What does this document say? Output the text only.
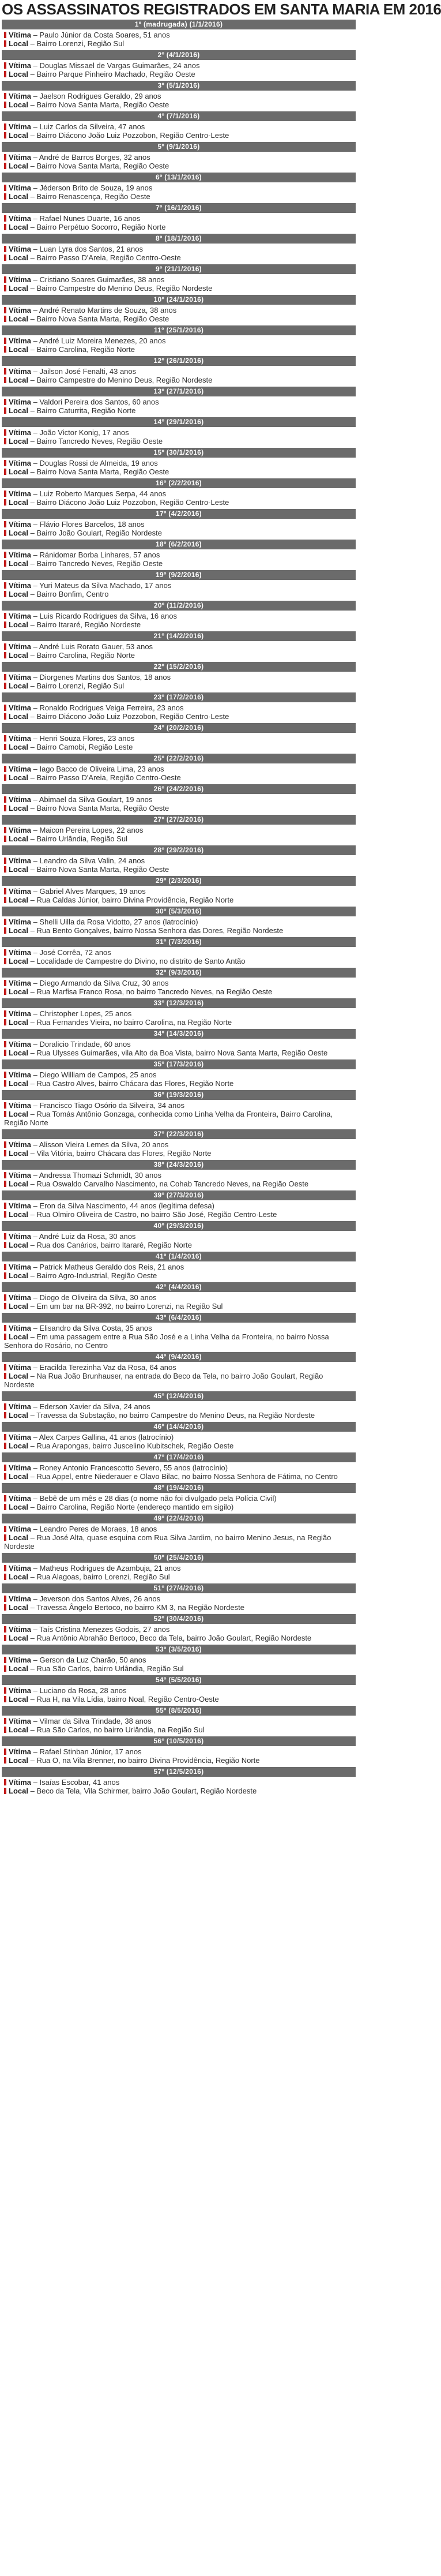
OS ASSASSINATOS REGISTRADOS EM SANTA MARIA EM 2016
1º (madrugada) (1/1/2016)
Vítima – Paulo Júnior da Costa Soares, 51 anos
Local – Bairro Lorenzi, Região Sul
2º (4/1/2016)
Vítima – Douglas Missael de Vargas Guimarães, 24 anos
Local – Bairro Parque Pinheiro Machado, Região Oeste
3º (5/1/2016)
Vítima – Jaelson Rodrigues Geraldo, 29 anos
Local – Bairro Nova Santa Marta, Região Oeste
4º (7/1/2016)
Vítima – Luiz Carlos da Silveira, 47 anos
Local – Bairro Diácono João Luiz Pozzobon, Região Centro-Leste
5º (9/1/2016)
Vítima – André de Barros Borges, 32 anos
Local – Bairro Nova Santa Marta, Região Oeste
6º (13/1/2016)
Vítima – Jéderson Brito de Souza, 19 anos
Local – Bairro Renascença, Região Oeste
7º (16/1/2016)
Vítima – Rafael Nunes Duarte, 16 anos
Local – Bairro Perpétuo Socorro, Região Norte
8º (18/1/2016)
Vítima – Luan Lyra dos Santos, 21 anos
Local – Bairro Passo D'Areia, Região Centro-Oeste
9º (21/1/2016)
Vítima – Cristiano Soares Guimarães, 38 anos
Local – Bairro Campestre do Menino Deus, Região Nordeste
10º (24/1/2016)
Vítima – André Renato Martins de Souza, 38 anos
Local – Bairro Nova Santa Marta, Região Oeste
11º (25/1/2016)
Vítima – André Luiz Moreira Menezes, 20 anos
Local – Bairro Carolina, Região Norte
12º (26/1/2016)
Vítima – Jailson José Fenalti, 43 anos
Local – Bairro Campestre do Menino Deus, Região Nordeste
13º (27/1/2016)
Vítima – Valdori Pereira dos Santos, 60 anos
Local – Bairro Caturrita, Região Norte
14º (29/1/2016)
Vítima – João Victor Konig, 17 anos
Local – Bairro Tancredo Neves, Região Oeste
15º (30/1/2016)
Vítima – Douglas Rossi de Almeida, 19 anos
Local – Bairro Nova Santa Marta, Região Oeste
16º (2/2/2016)
Vítima – Luiz Roberto Marques Serpa, 44 anos
Local – Bairro Diácono João Luiz Pozzobon, Região Centro-Leste
17º (4/2/2016)
Vítima – Flávio Flores Barcelos, 18 anos
Local – Bairro João Goulart, Região Nordeste
18º (6/2/2016)
Vítima – Ránidomar Borba Linhares, 57 anos
Local – Bairro Tancredo Neves, Região Oeste
19º (9/2/2016)
Vítima – Yuri Mateus da Silva Machado, 17 anos
Local – Bairro Bonfim, Centro
20º (11/2/2016)
Vítima – Luis Ricardo Rodrigues da Silva, 16 anos
Local – Bairro Itararé, Região Nordeste
21º (14/2/2016)
Vítima – André Luis Rorato Gauer, 53 anos
Local – Bairro Carolina, Região Norte
22º (15/2/2016)
Vítima – Diorgenes Martins dos Santos, 18 anos
Local – Bairro Lorenzi, Região Sul
23º (17/2/2016)
Vítima – Ronaldo Rodrigues Veiga Ferreira, 23 anos
Local – Bairro Diácono João Luiz Pozzobon, Região Centro-Leste
24º (20/2/2016)
Vítima – Henri Souza Flores, 23 anos
Local – Bairro Camobi, Região Leste
25º (22/2/2016)
Vítima – Iago Bacco de Oliveira Lima, 23 anos
Local – Bairro Passo D'Areia, Região Centro-Oeste
26º (24/2/2016)
Vítima – Abimael da Silva Goulart, 19 anos
Local – Bairro Nova Santa Marta, Região Oeste
27º (27/2/2016)
Vítima – Maicon Pereira Lopes, 22 anos
Local – Bairro Urlândia, Região Sul
28º (29/2/2016)
Vítima – Leandro da Silva Valin, 24 anos
Local – Bairro Nova Santa Marta, Região Oeste
29º (2/3/2016)
Vítima – Gabriel Alves Marques, 19 anos
Local – Rua Caldas Júnior, bairro Divina Providência, Região Norte
30º (5/3/2016)
Vítima – Shelli Uilla da Rosa Vidotto, 27 anos (latrocínio)
Local – Rua Bento Gonçalves, bairro Nossa Senhora das Dores, Região Nordeste
31º (7/3/2016)
Vítima – José Corrêa, 72 anos
Local – Localidade de Campestre do Divino, no distrito de Santo Antão
32º (9/3/2016)
Vítima – Diego Armando da Silva Cruz, 30 anos
Local – Rua Marfisa Franco Rosa, no bairro Tancredo Neves, na Região Oeste
33º (12/3/2016)
Vítima – Christopher Lopes, 25 anos
Local – Rua Fernandes Vieira, no bairro Carolina, na Região Norte
34º (14/3/2016)
Vítima – Doralicio Trindade, 60 anos
Local – Rua Ulysses Guimarães, vila Alto da Boa Vista, bairro Nova Santa Marta, Região Oeste
35º (17/3/2016)
Vítima – Diego William de Campos, 25 anos
Local – Rua Castro Alves, bairro Chácara das Flores, Região Norte
36º (19/3/2016)
Vítima – Francisco Tiago Osório da Silveira, 34 anos
Local – Rua Tomás Antônio Gonzaga, conhecida como Linha Velha da Fronteira, Bairro Carolina, Região Norte
37º (22/3/2016)
Vítima – Alisson Vieira Lemes da Silva, 20 anos
Local – Vila Vitória, bairro Chácara das Flores, Região Norte
38º (24/3/2016)
Vítima – Andressa Thomazi Schmidt, 30 anos
Local – Rua Oswaldo Carvalho Nascimento, na Cohab Tancredo Neves, na Região Oeste
39º (27/3/2016)
Vítima – Eron da Silva Nascimento, 44 anos (legítima defesa)
Local – Rua Olmiro Oliveira de Castro, no bairro São José, Região Centro-Leste
40º (29/3/2016)
Vítima – André Luiz da Rosa, 30 anos
Local – Rua dos Canários, bairro Itararé, Região Norte
41º (1/4/2016)
Vítima – Patrick Matheus Geraldo dos Reis, 21 anos
Local – Bairro Agro-Industrial, Região Oeste
42º (4/4/2016)
Vítima – Diogo de Oliveira da Silva, 30 anos
Local – Em um bar na BR-392, no bairro Lorenzi, na Região Sul
43º (6/4/2016)
Vítima – Elisandro da Silva Costa, 35 anos
Local – Em uma passagem entre a Rua São José e a Linha Velha da Fronteira, no bairro Nossa Senhora do Rosário, no Centro
44º (9/4/2016)
Vítima – Eracilda Terezinha Vaz da Rosa, 64 anos
Local – Na Rua João Brunhauser, na entrada do Beco da Tela, no bairro João Goulart, Região Nordeste
45º (12/4/2016)
Vítima – Ederson Xavier da Silva, 24 anos
Local – Travessa da Substação, no bairro Campestre do Menino Deus, na Região Nordeste
46º (14/4/2016)
Vítima – Alex Carpes Gallina, 41 anos (latrocínio)
Local – Rua Arapongas, bairro Juscelino Kubitschek, Região Oeste
47º (17/4/2016)
Vítima – Roney Antonio Francescotto Severo, 55 anos (latrocínio)
Local – Rua Appel, entre Niederauer e Olavo Bilac, no bairro Nossa Senhora de Fátima, no Centro
48º (19/4/2016)
Vítima – Bebê de um mês e 28 dias (o nome não foi divulgado pela Polícia Civil)
Local – Bairro Carolina, Região Norte (endereço mantido em sigilo)
49º (22/4/2016)
Vítima – Leandro Peres de Moraes, 18 anos
Local – Rua José Alta, quase esquina com Rua Silva Jardim, no bairro Menino Jesus, na Região Nordeste
50º (25/4/2016)
Vítima – Matheus Rodrigues de Azambuja, 21 anos
Local – Rua Alagoas, bairro Lorenzi, Região Sul
51º (27/4/2016)
Vítima – Jeverson dos Santos Alves, 26 anos
Local – Travessa Ângelo Bertoco, no bairro KM 3, na Região Nordeste
52º (30/4/2016)
Vítima – Taís Cristina Menezes Godois, 27 anos
Local – Rua Antônio Abrahão Bertoco, Beco da Tela, bairro João Goulart, Região Nordeste
53º (3/5/2016)
Vítima – Gerson da Luz Charão, 50 anos
Local – Rua São Carlos, bairro Urlândia, Região Sul
54º (5/5/2016)
Vítima – Luciano da Rosa, 28 anos
Local – Rua H, na Vila Lídia, bairro Noal, Região Centro-Oeste
55º (8/5/2016)
Vítima – Vilmar da Silva Trindade, 38 anos
Local – Rua São Carlos, no bairro Urlândia, na Região Sul
56º (10/5/2016)
Vítima – Rafael Stinban Júnior, 17 anos
Local – Rua O, na Vila Brenner, no bairro Divina Providência, Região Norte
57º (12/5/2016)
Vítima – Isaías Escobar, 41 anos
Local – Beco da Tela, Vila Schirmer, bairro João Goulart, Região Nordeste
